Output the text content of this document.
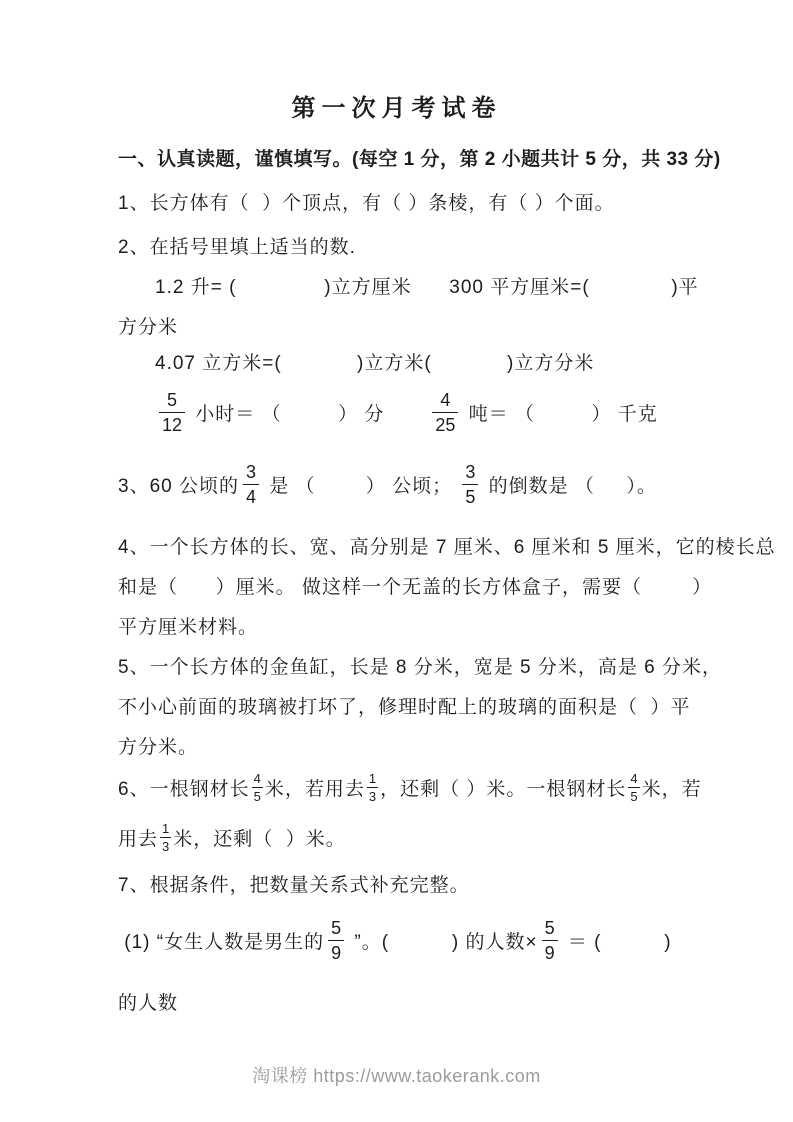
第一次月考试卷
一、认真读题，谨慎填写。(每空 1 分，第 2 小题共计 5 分，共 33 分)
1、长方体有（  ）个顶点，有（ ）条棱，有（ ）个面。
2、在括号里填上适当的数.
1.2 升= (              )立方厘米      300 平方厘米=(             )平
方分米
4.07 立方米=(            )立方米(            )立方分米
$\frac{5}{12}$ 小时＝ （         ） 分 $\frac{4}{25}$ 吨＝ （         ） 千克
3、60 公顷的 $\frac{3}{4}$ 是 （        ） 公顷； $\frac{3}{5}$ 的倒数是 （     ）。
4、一个长方体的长、宽、高分别是 7 厘米、6 厘米和 5 厘米，它的棱长总
和是（      ）厘米。 做这样一个无盖的长方体盒子，需要（        ）
平方厘米材料。
5、一个长方体的金鱼缸，长是 8 分米，宽是 5 分米，高是 6 分米，
不小心前面的玻璃被打坏了，修理时配上的玻璃的面积是（  ）平
方分米。
6、一根钢材长 $\frac{4}{5}$ 米，若用去 $\frac{1}{3}$ ，还剩（ ）米。一根钢材长 $\frac{4}{5}$ 米，若
用去 $\frac{1}{3}$ 米，还剩（  ）米。
7、根据条件，把数量关系式补充完整。
(1) “女生人数是男生的 $\frac{5}{9}$ ”。(          ) 的人数× $\frac{5}{9}$ ＝ (          )
的人数
淘课榜 https://www.taokerank.com
